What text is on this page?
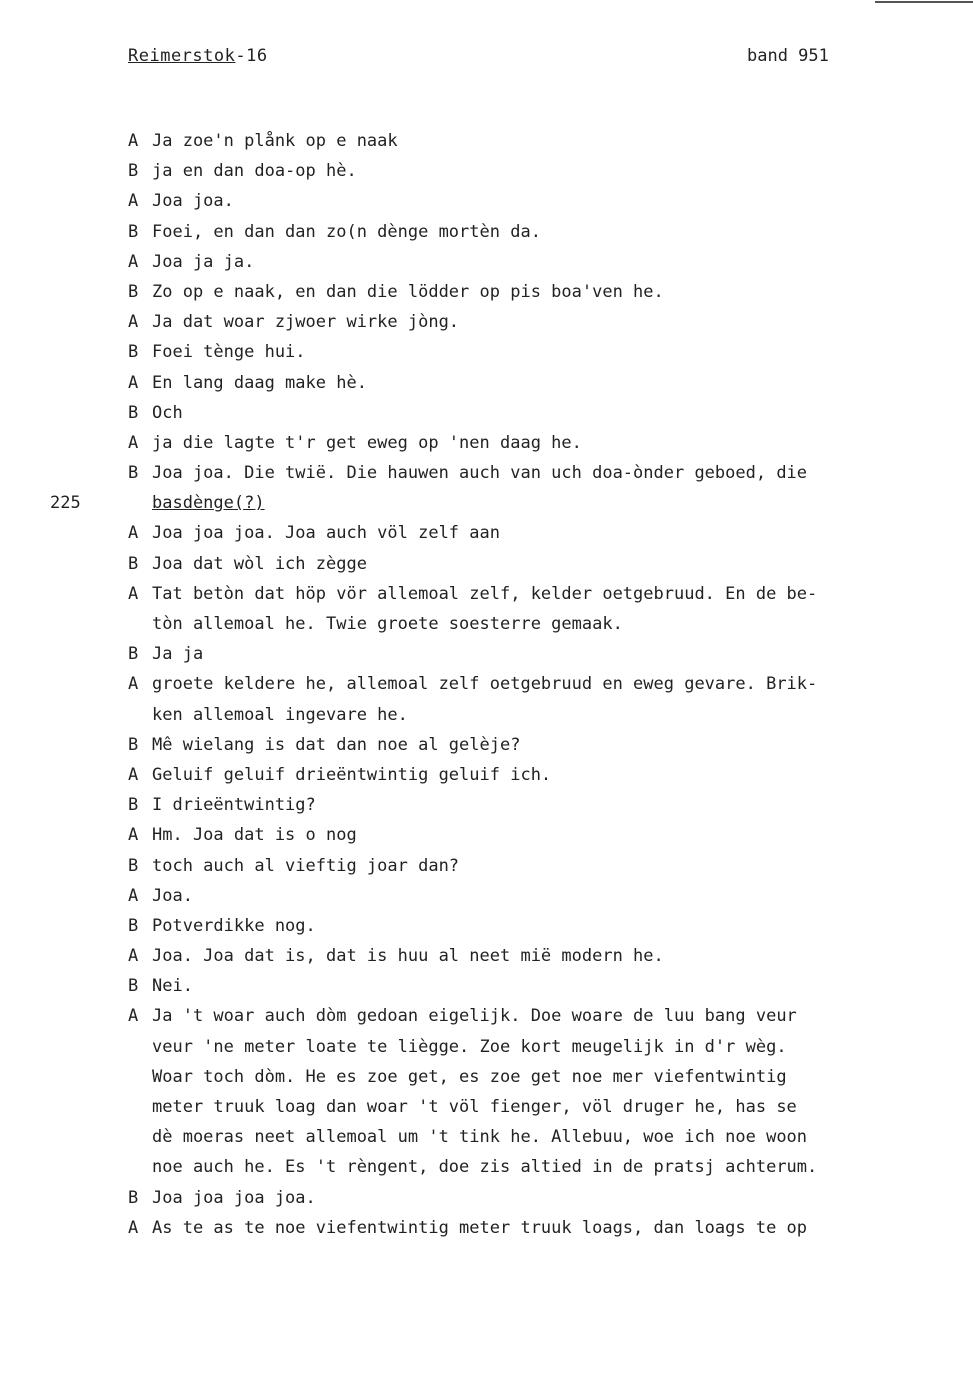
Reimerstok-16	band 951
A Ja zoe'n plånk op e naak
B ja en dan doa-op hè.
A Joa joa.
B Foei, en dan dan zo(n dènge mortèn da.
A Joa ja ja.
B Zo op e naak, en dan die lödder op pis boa'ven he.
A Ja dat woar zjwoer wirke jòng.
B Foei tènge hui.
A En lang daag make hè.
B Och
A ja die lagte t'r get eweg op 'nen daag he.
B Joa joa. Die twië. Die hauwen auch van uch doa-ònder geboed, die
225	basdènge(?)
A Joa joa joa. Joa auch völ zelf aan
B Joa dat wòl ich zègge
A Tat betòn dat höp vör allemoal zelf, kelder oetgebruud. En de be-
tòn allemoal he. Twie groete soesterre gemaak.
B Ja ja
A groete keldere he, allemoal zelf oetgebruud en eweg gevare. Brik-
ken allemoal ingevare he.
B Mê wielang is dat dan noe al gelèje?
A Geluif geluif drieëntwintig geluif ich.
B I drieëntwintig?
A Hm. Joa dat is o nog
B toch auch al vieftig joar dan?
A Joa.
B Potverdikke nog.
A Joa. Joa dat is, dat is huu al neet mië modern he.
B Nei.
A Ja 't woar auch dòm gedoan eigelijk. Doe woare de luu bang veur
veur 'ne meter loate te liègge. Zoe kort meugelijk in d'r wèg.
Woar toch dòm. He es zoe get, es zoe get noe mer viefentwintig
meter truuk loag dan woar 't völ fienger, völ druger he, has se
dè moeras neet allemoal um 't tink he. Allebuu, woe ich noe woon
noe auch he. Es 't rèngent, doe zis altied in de pratsj achterum.
B Joa joa joa joa.
A As te as te noe viefentwintig meter truuk loags, dan loags te op
